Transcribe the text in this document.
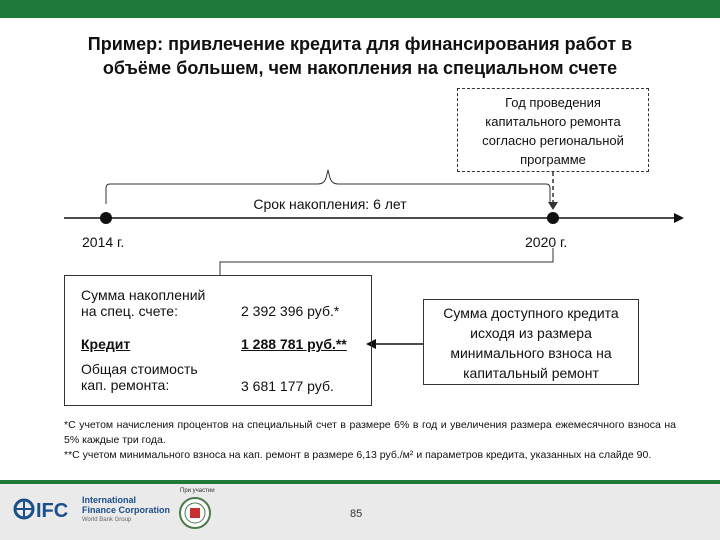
Пример: привлечение кредита для финансирования работ в
объёме большем, чем накопления на специальном счете
Год проведения
капитального ремонта
согласно региональной
программе
Срок накопления: 6 лет
2014 г.	2020 г.
Сумма накоплений
на спец. счете:	2 392 396 руб.*
Кредит	1 288 781 руб.**
Общая стоимость
кап. ремонта:	3 681 177 руб.
Сумма доступного кредита
исходя из размера
минимального взноса на
капитальный ремонт
*С учетом начисления процентов на специальный счет в размере 6% в год и увеличения размера ежемесячного взноса на 5% каждые три года.
**С учетом минимального взноса на кап. ремонт в размере 6,13 руб./м² и параметров кредита, указанных на слайде 90.
IFC International
Finance Corporation
World Bank Group
При участии
85
